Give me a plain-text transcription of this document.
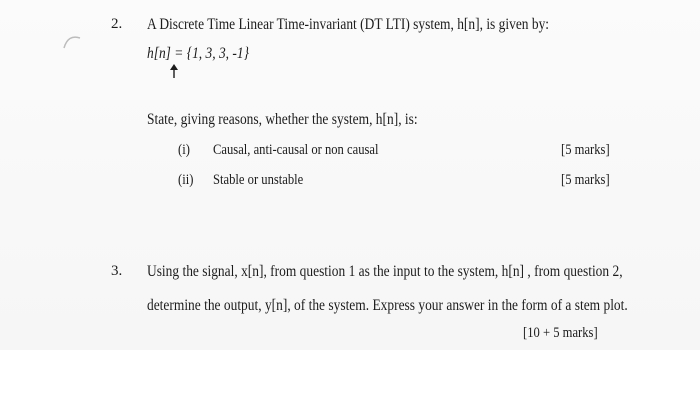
2. A Discrete Time Linear Time-invariant (DT LTI) system, h[n], is given by:
h[n] = {1, 3, 3, -1}
State, giving reasons, whether the system, h[n], is:
(i) Causal, anti-causal or non causal	[5 marks]
(ii) Stable or unstable	[5 marks]
3. Using the signal, x[n], from question 1 as the input to the system, h[n] , from question 2,
determine the output, y[n], of the system. Express your answer in the form of a stem plot.
[10 + 5 marks]
